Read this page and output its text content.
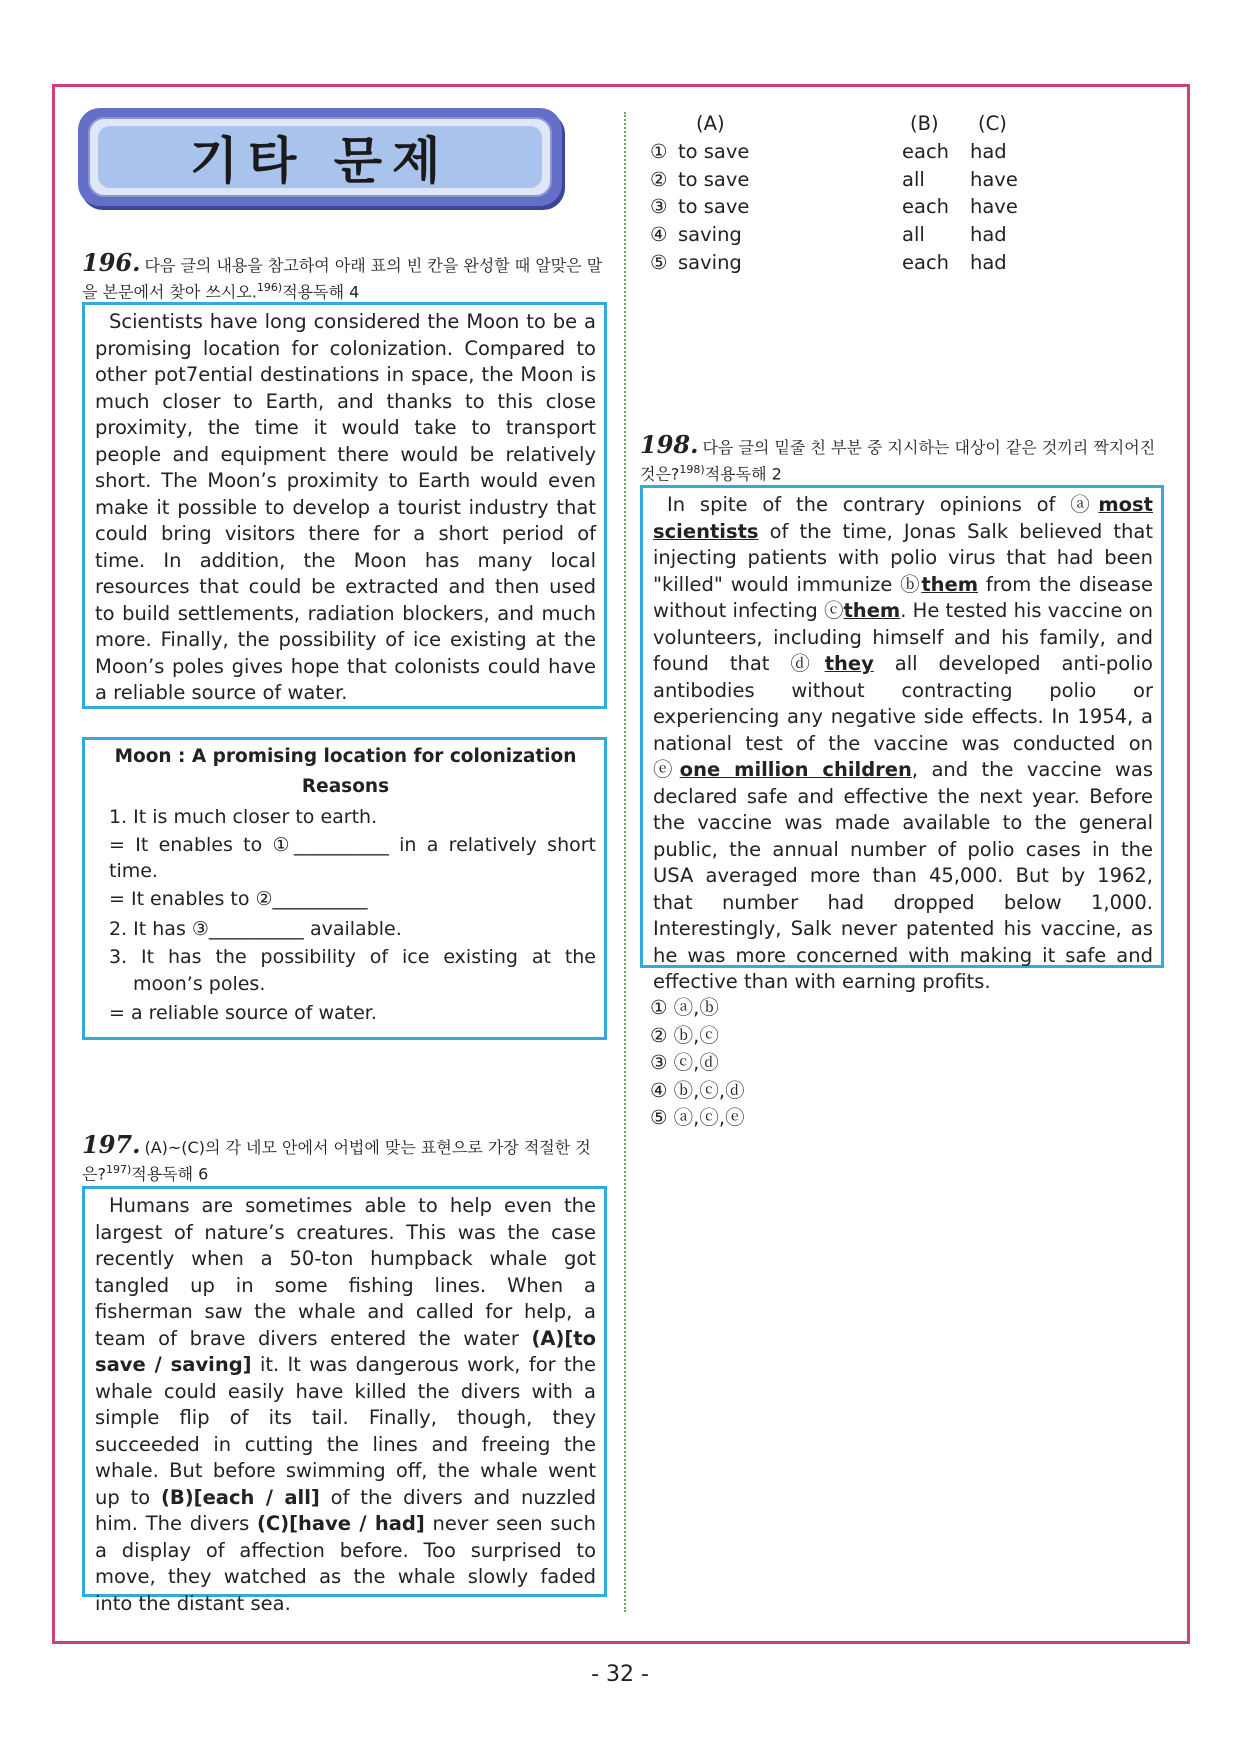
기타 문제
196. 다음 글의 내용을 참고하여 아래 표의 빈 칸을 완성할 때 알맞은 말을 본문에서 찾아 쓰시오.$^{196)}$적용독해 4

Scientists have long considered the Moon to be a promising location for colonization. Compared to other pot7ential destinations in space, the Moon is much closer to Earth, and thanks to this close proximity, the time it would take to transport people and equipment there would be relatively short. The Moon’s proximity to Earth would even make it possible to develop a tourist industry that could bring visitors there for a short period of time. In addition, the Moon has many local resources that could be extracted and then used to build settlements, radiation blockers, and much more. Finally, the possibility of ice existing at the Moon’s poles gives hope that colonists could have a reliable source of water.

Moon : A promising location for colonization
Reasons

1. It is much closer to earth.

= It enables to ①__________ in a relatively short time.

= It enables to ②__________

2. It has ③__________ available.

3. It has the possibility of ice existing at the moon’s poles.

= a reliable source of water.

197. (A)~(C)의 각 네모 안에서 어법에 맞는 표현으로 가장 적절한 것은?$^{197)}$적용독해 6

Humans are sometimes able to help even the largest of nature’s creatures. This was the case recently when a 50-ton humpback whale got tangled up in some fishing lines. When a fisherman saw the whale and called for help, a team of brave divers entered the water (A)[to save / saving] it. It was dangerous work, for the whale could easily have killed the divers with a simple flip of its tail. Finally, though, they succeeded in cutting the lines and freeing the whale. But before swimming off, the whale went up to (B)[each / all] of the divers and nuzzled him. The divers (C)[have / had] never seen such a display of affection before. Too surprised to move, they watched as the whale slowly faded into the distant sea.

(A)	(B) (C)
① to save	each had
② to save	all have
③ to save	each have
④ saving	all had
⑤ saving	each had
198. 다음 글의 밑줄 친 부분 중 지시하는 대상이 같은 것끼리 짝지어진 것은?$^{198)}$적용독해 2

In spite of the contrary opinions of ⓐmost scientists of the time, Jonas Salk believed that injecting patients with polio virus that had been "killed" would immunize ⓑthem from the disease without infecting ⓒthem. He tested his vaccine on volunteers, including himself and his family, and found that ⓓthey all developed anti-polio antibodies without contracting polio or experiencing any negative side effects. In 1954, a national test of the vaccine was conducted on ⓔone million children, and the vaccine was declared safe and effective the next year. Before the vaccine was made available to the general public, the annual number of polio cases in the USA averaged more than 45,000. But by 1962, that number had dropped below 1,000. Interestingly, Salk never patented his vaccine, as he was more concerned with making it safe and effective than with earning profits.

① ⓐ,ⓑ
② ⓑ,ⓒ
③ ⓒ,ⓓ
④ ⓑ,ⓒ,ⓓ
⑤ ⓐ,ⓒ,ⓔ
- 32 -
